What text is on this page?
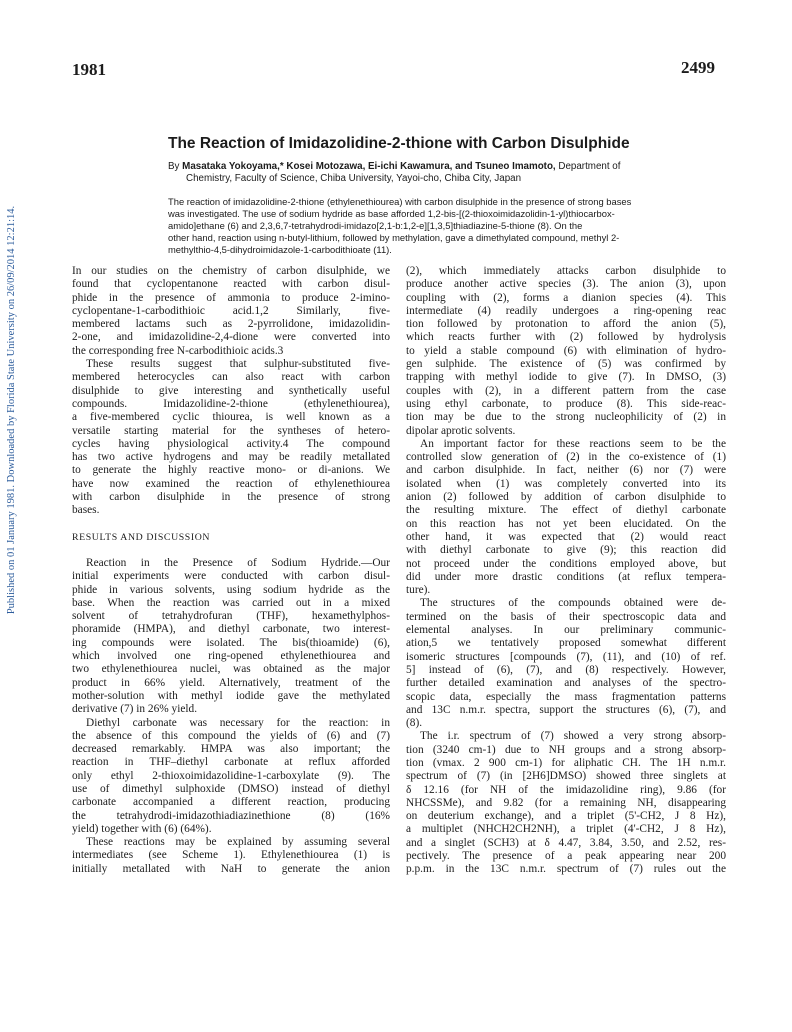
1981	2499
Published on 01 January 1981. Downloaded by Florida State University on 26/09/2014 12:21:14.
The Reaction of Imidazolidine-2-thione with Carbon Disulphide
By Masataka Yokoyama,* Kosei Motozawa, Ei-ichi Kawamura, and Tsuneo Imamoto, Department of
Chemistry, Faculty of Science, Chiba University, Yayoi-cho, Chiba City, Japan
The reaction of imidazolidine-2-thione (ethylenethiourea) with carbon disulphide in the presence of strong bases
was investigated. The use of sodium hydride as base afforded 1,2-bis-[(2-thioxoimidazolidin-1-yl)thiocarbox-
amido]ethane (6) and 2,3,6,7-tetrahydrodi-imidazo[2,1-b:1,2-e][1,3,5]thiadiazine-5-thione (8). On the
other hand, reaction using n-butyl-lithium, followed by methylation, gave a dimethylated compound, methyl 2-
methylthio-4,5-dihydroimidazole-1-carbodithioate (11).
In our studies on the chemistry of carbon disulphide, we
found that cyclopentanone reacted with carbon disul-
phide in the presence of ammonia to produce 2-imino-
cyclopentane-1-carbodithioic acid.1,2 Similarly, five-
membered lactams such as 2-pyrrolidone, imidazolidin-
2-one, and imidazolidine-2,4-dione were converted into
the corresponding free N-carbodithioic acids.3
These results suggest that sulphur-substituted five-
membered heterocycles can also react with carbon
disulphide to give interesting and synthetically useful
compounds. Imidazolidine-2-thione (ethylenethiourea),
a five-membered cyclic thiourea, is well known as a
versatile starting material for the syntheses of hetero-
cycles having physiological activity.4 The compound
has two active hydrogens and may be readily metallated
to generate the highly reactive mono- or di-anions. We
have now examined the reaction of ethylenethiourea
with carbon disulphide in the presence of strong
bases.
RESULTS AND DISCUSSION
Reaction in the Presence of Sodium Hydride.—Our
initial experiments were conducted with carbon disul-
phide in various solvents, using sodium hydride as the
base. When the reaction was carried out in a mixed
solvent of tetrahydrofuran (THF), hexamethylphos-
phoramide (HMPA), and diethyl carbonate, two interest-
ing compounds were isolated. The bis(thioamide) (6),
which involved one ring-opened ethylenethiourea and
two ethylenethiourea nuclei, was obtained as the major
product in 66% yield. Alternatively, treatment of the
mother-solution with methyl iodide gave the methylated
derivative (7) in 26% yield.
Diethyl carbonate was necessary for the reaction: in
the absence of this compound the yields of (6) and (7)
decreased remarkably. HMPA was also important; the
reaction in THF–diethyl carbonate at reflux afforded
only ethyl 2-thioxoimidazolidine-1-carboxylate (9). The
use of dimethyl sulphoxide (DMSO) instead of diethyl
carbonate accompanied a different reaction, producing
the tetrahydrodi-imidazothiadiazinethione (8) (16%
yield) together with (6) (64%).
These reactions may be explained by assuming several
intermediates (see Scheme 1). Ethylenethiourea (1) is
initially metallated with NaH to generate the anion
(2), which immediately attacks carbon disulphide to
produce another active species (3). The anion (3), upon
coupling with (2), forms a dianion species (4). This
intermediate (4) readily undergoes a ring-opening reac
tion followed by protonation to afford the anion (5),
which reacts further with (2) followed by hydrolysis
to yield a stable compound (6) with elimination of hydro-
gen sulphide. The existence of (5) was confirmed by
trapping with methyl iodide to give (7). In DMSO, (3)
couples with (2), in a different pattern from the case
using ethyl carbonate, to produce (8). This side-reac-
tion may be due to the strong nucleophilicity of (2) in
dipolar aprotic solvents.
An important factor for these reactions seem to be the
controlled slow generation of (2) in the co-existence of (1)
and carbon disulphide. In fact, neither (6) nor (7) were
isolated when (1) was completely converted into its
anion (2) followed by addition of carbon disulphide to
the resulting mixture. The effect of diethyl carbonate
on this reaction has not yet been elucidated. On the
other hand, it was expected that (2) would react
with diethyl carbonate to give (9); this reaction did
not proceed under the conditions employed above, but
did under more drastic conditions (at reflux tempera-
ture).
The structures of the compounds obtained were de-
termined on the basis of their spectroscopic data and
elemental analyses. In our preliminary communic-
ation,5 we tentatively proposed somewhat different
isomeric structures [compounds (7), (11), and (10) of ref.
5] instead of (6), (7), and (8) respectively. However,
further detailed examination and analyses of the spectro-
scopic data, especially the mass fragmentation patterns
and 13C n.m.r. spectra, support the structures (6), (7), and
(8).
The i.r. spectrum of (7) showed a very strong absorp-
tion (3240 cm-1) due to NH groups and a strong absorp-
tion (vmax. 2 900 cm-1) for aliphatic CH. The 1H n.m.r.
spectrum of (7) (in [2H6]DMSO) showed three singlets at
δ 12.16 (for NH of the imidazolidine ring), 9.86 (for
NHCSSMe), and 9.82 (for a remaining NH, disappearing
on deuterium exchange), and a triplet (5'-CH2, J 8 Hz),
a multiplet (NHCH2CH2NH), a triplet (4'-CH2, J 8 Hz),
and a singlet (SCH3) at δ 4.47, 3.84, 3.50, and 2.52, res-
pectively. The presence of a peak appearing near 200
p.p.m. in the 13C n.m.r. spectrum of (7) rules out the
